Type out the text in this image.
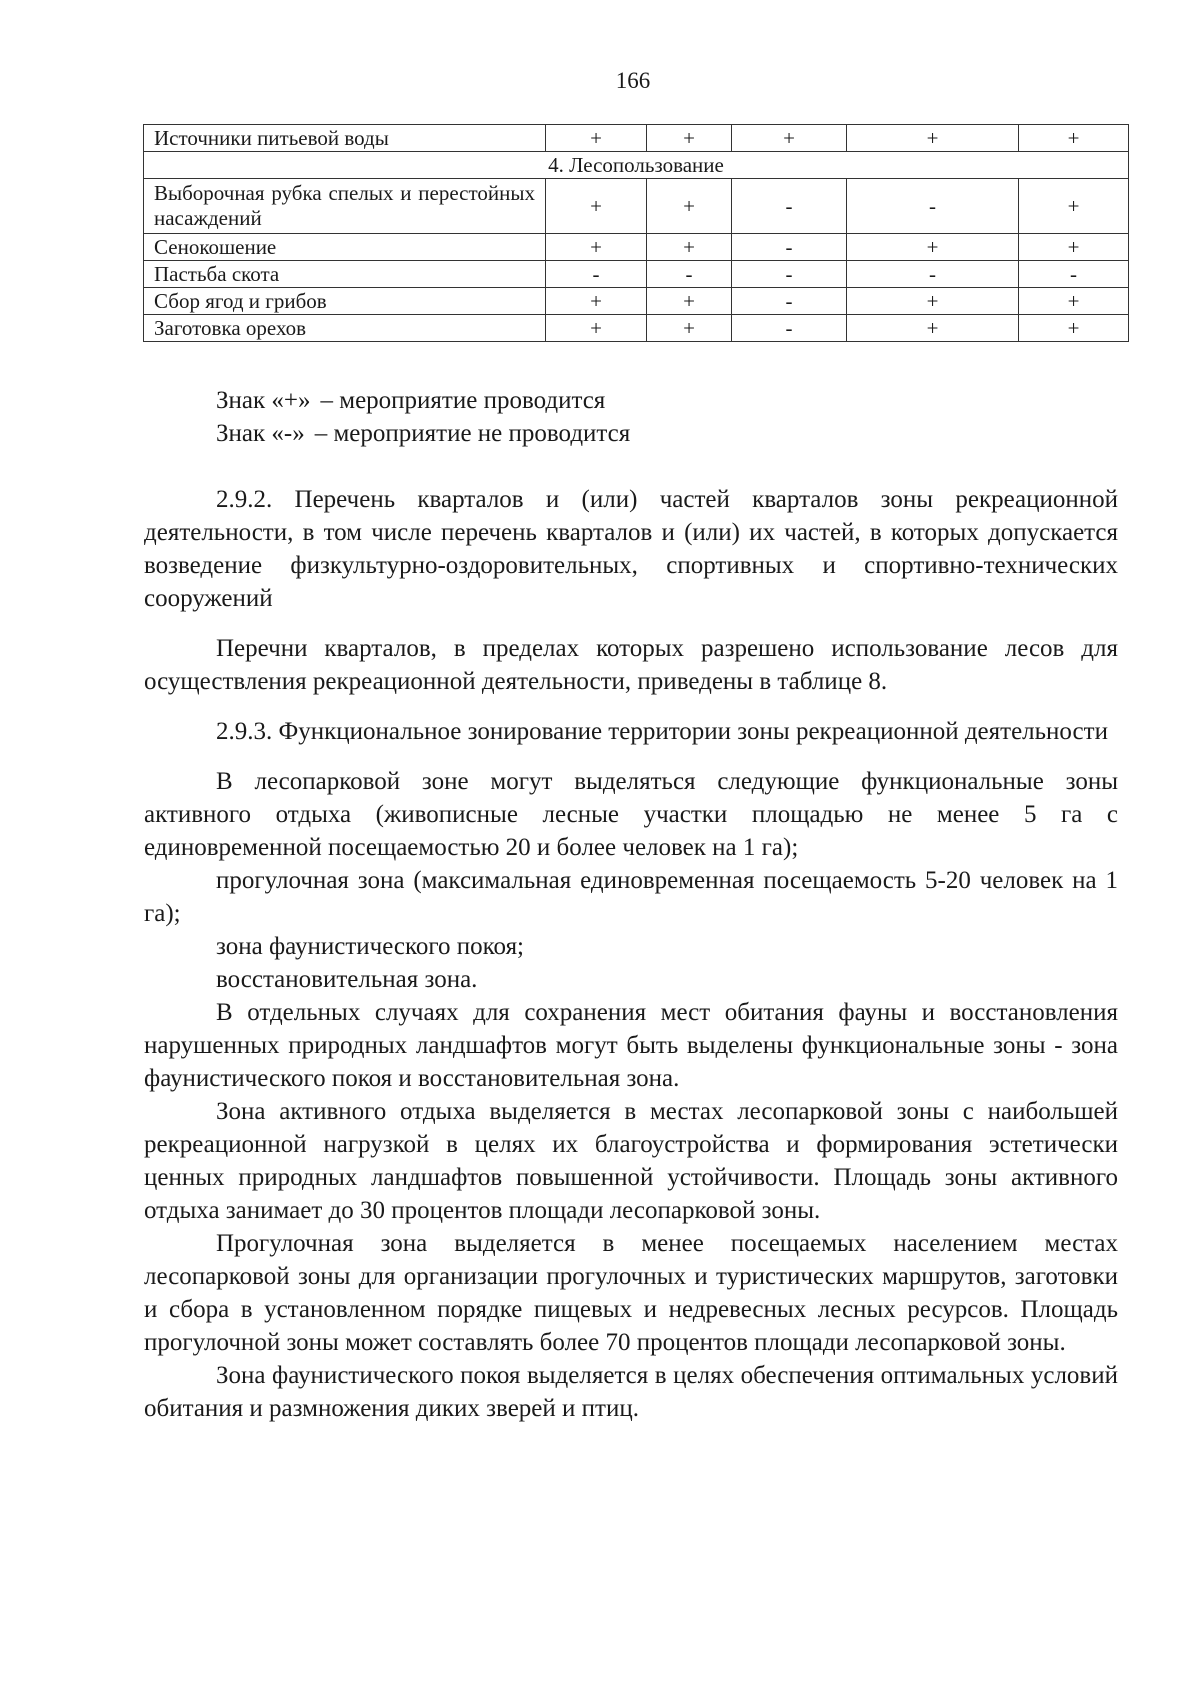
166
Источники питьевой воды	+	+	+	+	+
4. Лесопользование					

Выборочная рубка спелых и перестойных насаждений	+	+	-	-	+
Сенокошение	+	+	-	+	+
Пастьба скота	-	-	-	-	-
Сбор ягод и грибов	+	+	-	+	+
Заготовка орехов	+	+	-	+	+

Знак «+» – мероприятие проводится

Знак «-» – мероприятие не проводится

2.9.2. Перечень кварталов и (или) частей кварталов зоны рекреационной деятельности, в том числе перечень кварталов и (или) их частей, в которых допускается возведение физкультурно-оздоровительных, спортивных и спортивно-технических сооружений

Перечни кварталов, в пределах которых разрешено использование лесов для осуществления рекреационной деятельности, приведены в таблице 8.

2.9.3. Функциональное зонирование территории зоны рекреационной деятельности

В лесопарковой зоне могут выделяться следующие функциональные зоны активного отдыха (живописные лесные участки площадью не менее 5 га с единовременной посещаемостью 20 и более человек на 1 га);

прогулочная зона (максимальная единовременная посещаемость 5-20 человек на 1 га);

зона фаунистического покоя;

восстановительная зона.

В отдельных случаях для сохранения мест обитания фауны и восстановления нарушенных природных ландшафтов могут быть выделены функциональные зоны - зона фаунистического покоя и восстановительная зона.

Зона активного отдыха выделяется в местах лесопарковой зоны с наибольшей рекреационной нагрузкой в целях их благоустройства и формирования эстетически ценных природных ландшафтов повышенной устойчивости. Площадь зоны активного отдыха занимает до 30 процентов площади лесопарковой зоны.

Прогулочная зона выделяется в менее посещаемых населением местах лесопарковой зоны для организации прогулочных и туристических маршрутов, заготовки и сбора в установленном порядке пищевых и недревесных лесных ресурсов. Площадь прогулочной зоны может составлять более 70 процентов площади лесопарковой зоны.

Зона фаунистического покоя выделяется в целях обеспечения оптимальных условий обитания и размножения диких зверей и птиц.
